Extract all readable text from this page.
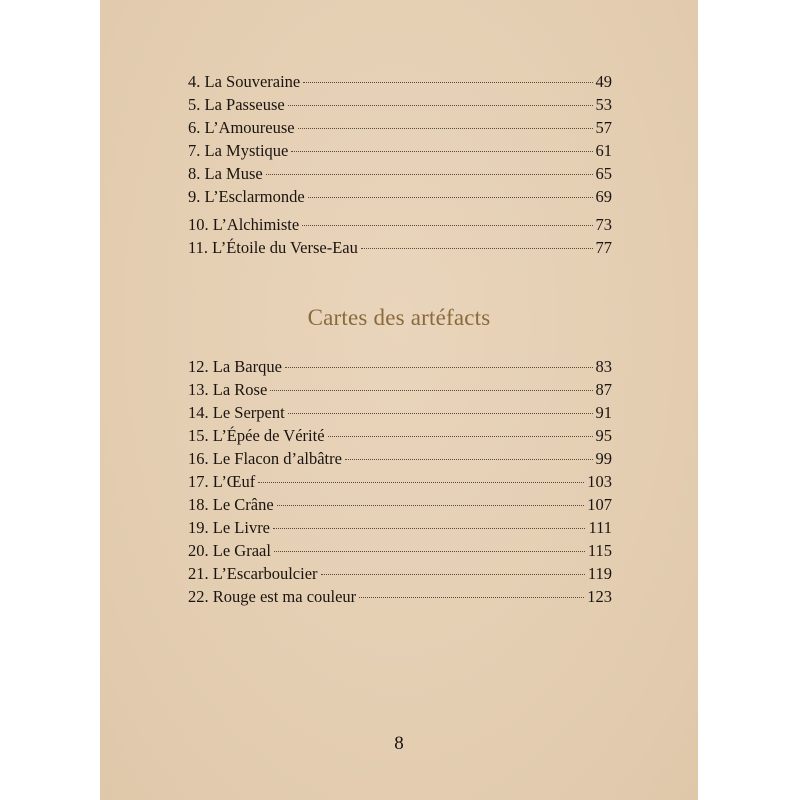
4. La Souveraine	49
5. La Passeuse	53
6. L’Amoureuse	57
7. La Mystique	61
8. La Muse	65
9. L’Esclarmonde	69
10. L’Alchimiste	73
11. L’Étoile du Verse-Eau	77
Cartes des artéfacts
12. La Barque	83
13. La Rose	87
14. Le Serpent	91
15. L’Épée de Vérité	95
16. Le Flacon d’albâtre	99
17. L’Œuf	103
18. Le Crâne	107
19. Le Livre	111
20. Le Graal	115
21. L’Escarboulcier	119
22. Rouge est ma couleur	123
8
